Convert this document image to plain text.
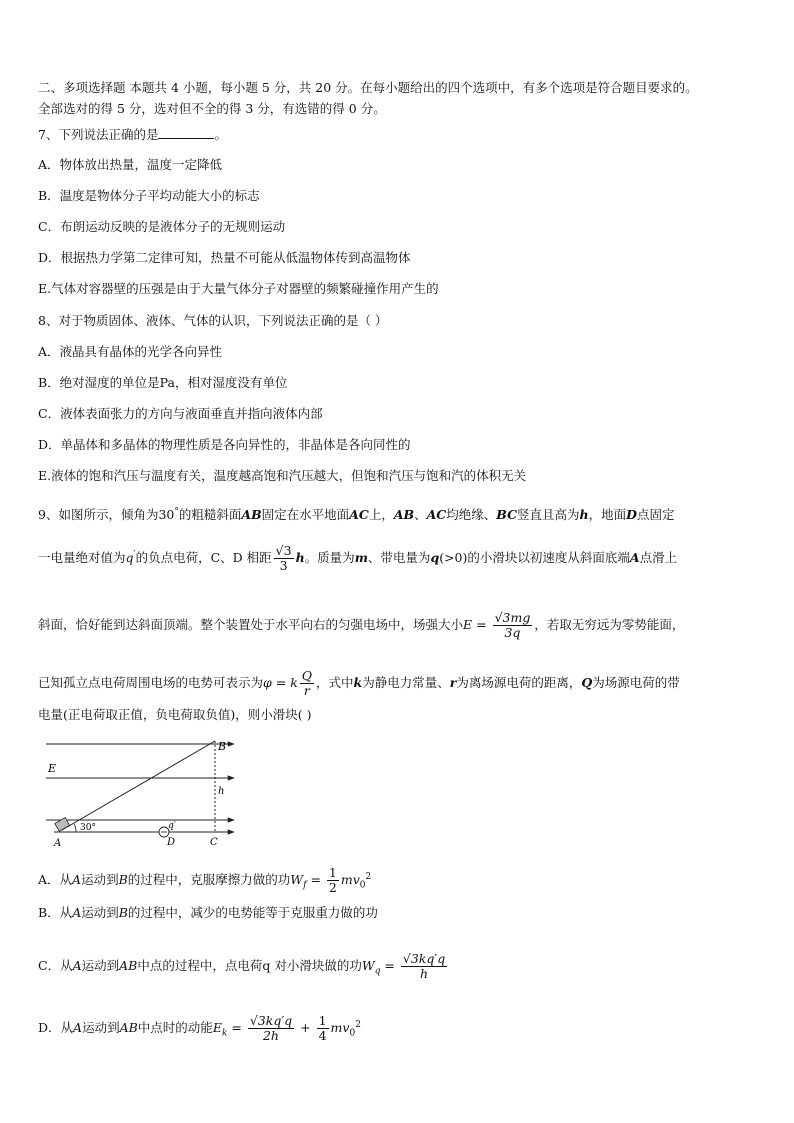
二、多项选择题 本题共 4 小题，每小题 5 分，共 20 分。在每小题给出的四个选项中，有多个选项是符合题目要求的。
全部选对的得 5 分，选对但不全的得 3 分，有选错的得 0 分。
7、下列说法正确的是	。
A．物体放出热量，温度一定降低
B．温度是物体分子平均动能大小的标志
C．布朗运动反映的是液体分子的无规则运动
D．根据热力学第二定律可知，热量不可能从低温物体传到高温物体
E.气体对容器壁的压强是由于大量气体分子对器壁的频繁碰撞作用产生的
8、对于物质固体、液体、气体的认识，下列说法正确的是（ ）
A．液晶具有晶体的光学各向异性
B．绝对湿度的单位是Pa，相对湿度没有单位
C．液体表面张力的方向与液面垂直并指向液体内部
D．单晶体和多晶体的物理性质是各向异性的，非晶体是各向同性的
E.液体的饱和汽压与温度有关，温度越高饱和汽压越大，但饱和汽压与饱和汽的体积无关
9、如图所示，倾角为30°的粗糙斜面AB固定在水平地面AC上，AB、AC均绝缘、BC竖直且高为h，地面D点固定
一电量绝对值为q′的负点电荷，C、D 相距 $\frac{√3}{3}$ h。质量为m、带电量为q(>0)的小滑块以初速度从斜面底端A点滑上
斜面，恰好能到达斜面顶端。整个装置处于水平向右的匀强电场中，场强大小$E = \frac{√3mg}{3q}$ ，若取无穷远为零势能面，
已知孤立点电荷周围电场的电势可表示为φ = k $\frac{Q}{r}$ ，式中k为静电力常量、r为离场源电荷的距离，Q为场源电荷的带
电量(正电荷取正值，负电荷取负值)，则小滑块( )
B
E
h
30°	q′
A	D	C
A．从A运动到B的过程中，克服摩擦力做的功$W_f = \frac{1}{2} mv_0^2$
B．从A运动到B的过程中，减少的电势能等于克服重力做的功
C．从A运动到AB中点的过程中，点电荷q 对小滑块做的功$W_q = \frac{√3kq'q}{h}$
D．从A运动到AB中点时的动能$E_k = \frac{√3kq'q}{2h} + \frac{1}{4} mv_0^2$
